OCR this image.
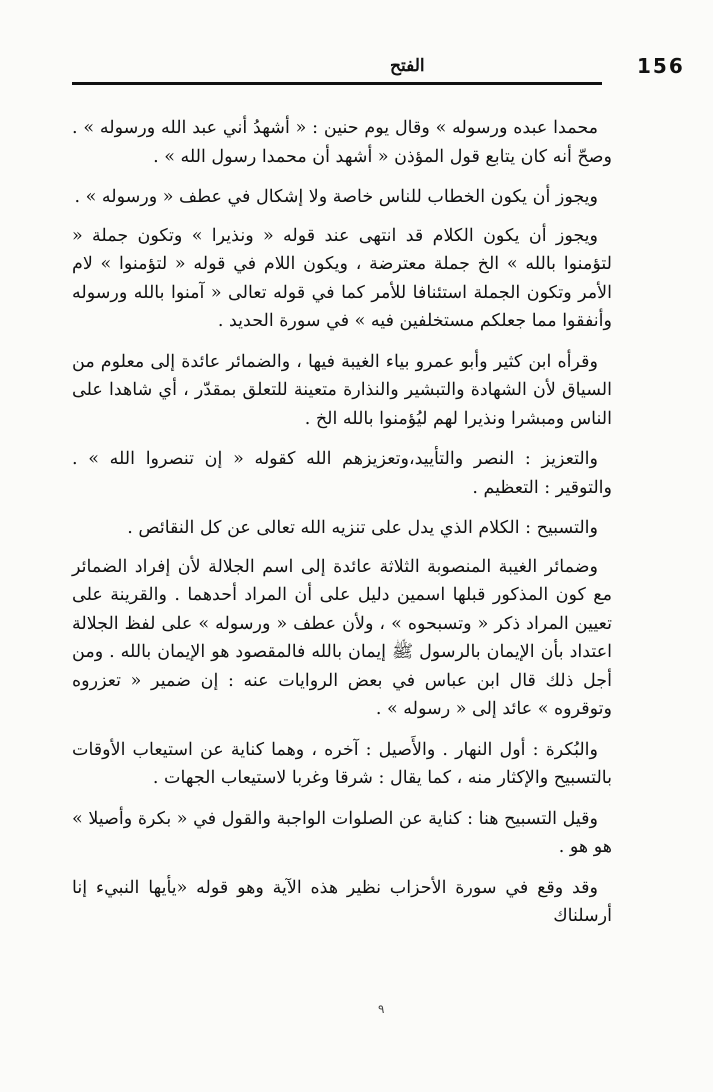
156
الفتح

محمدا عبده ورسوله » وقال يوم حنين : « أشهدُ أني عبد الله ورسوله » . وصحّ أنه كان يتابع قول المؤذن « أشهد أن محمدا رسول الله » .

ويجوز أن يكون الخطاب للناس خاصة ولا إشكال في عطف « ورسوله » .

ويجوز أن يكون الكلام قد انتهى عند قوله « ونذيرا » وتكون جملة « لتؤمنوا بالله » الخ جملة معترضة ، ويكون اللام في قوله « لتؤمنوا » لام الأمر وتكون الجملة استئنافا للأمر كما في قوله تعالى « آمنوا بالله ورسوله وأنفقوا مما جعلكم مستخلفين فيه » في سورة الحديد .

وقرأه ابن كثير وأبو عمرو بياء الغيبة فيها ، والضمائر عائدة إلى معلوم من السياق لأن الشهادة والتبشير والنذارة متعينة للتعلق بمقدّر ، أي شاهدا على الناس ومبشرا ونذيرا لهم ليُؤمنوا بالله الخ .

والتعزيز : النصر والتأييد،وتعزيزهم الله كقوله « إن تنصروا الله » . والتوقير : التعظيم .

والتسبيح : الكلام الذي يدل على تنزيه الله تعالى عن كل النقائص .

وضمائر الغيبة المنصوبة الثلاثة عائدة إلى اسم الجلالة لأن إفراد الضمائر مع كون المذكور قبلها اسمين دليل على أن المراد أحدهما . والقرينة على تعيين المراد ذكر « وتسبحوه » ، ولأن عطف « ورسوله » على لفظ الجلالة اعتداد بأن الإيمان بالرسول ﷺ إيمان بالله فالمقصود هو الإيمان بالله . ومن أجل ذلك قال ابن عباس في بعض الروايات عنه : إن ضمير « تعزروه وتوقروه » عائد إلى « رسوله » .

والبُكرة : أول النهار . والأَصيل : آخره ، وهما كناية عن استيعاب الأوقات بالتسبيح والإكثار منه ، كما يقال : شرقا وغربا لاستيعاب الجهات .

وقيل التسبيح هنا : كناية عن الصلوات الواجبة والقول في « بكرة وأصيلا » هو هو .

وقد وقع في سورة الأحزاب نظير هذه الآية وهو قوله «يأيها النبيء إنا أرسلناك

٩
